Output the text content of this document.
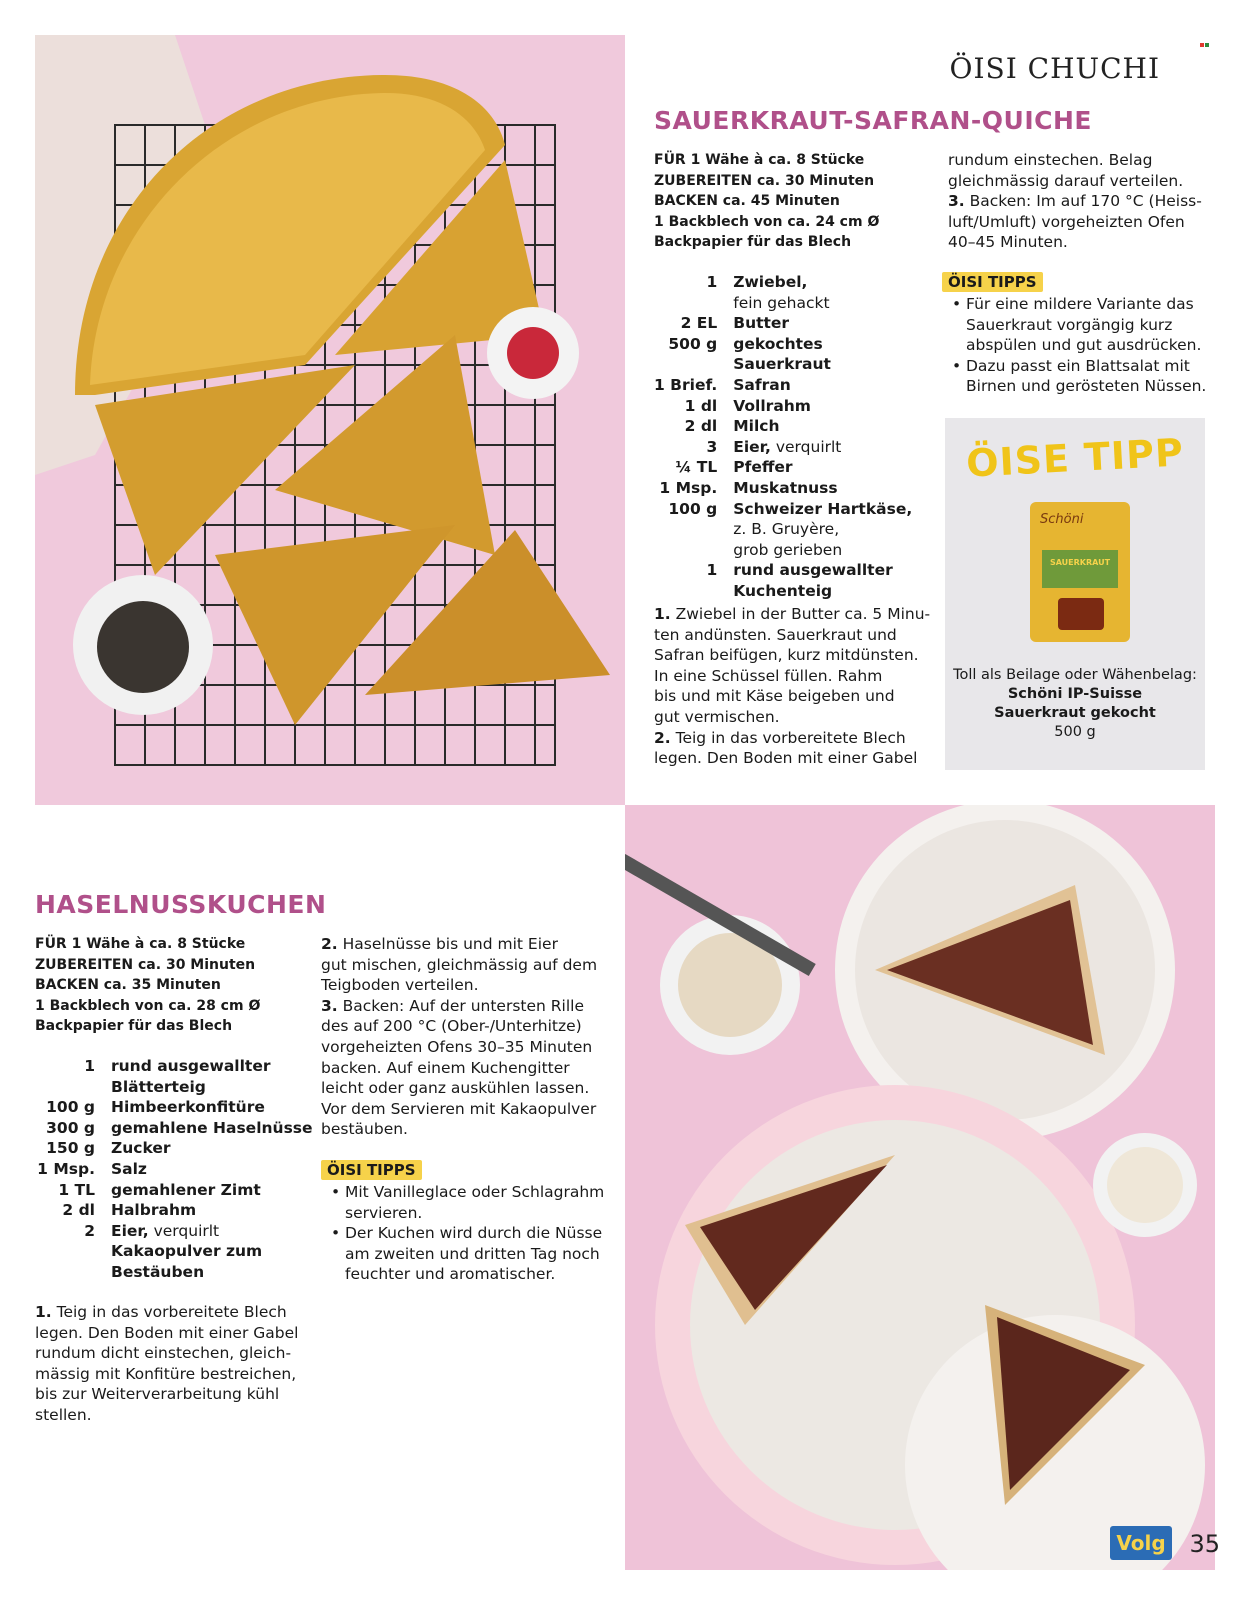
ÖISI CHUCHI
SAUERKRAUT-SAFRAN-QUICHE
FÜR 1 Wähe à ca. 8 Stücke
ZUBEREITEN ca. 30 Minuten
BACKEN ca. 45 Minuten
1 Backblech von ca. 24 cm Ø
Backpapier für das Blech
1	Zwiebel,
	fein gehackt
2 EL	Butter
500 g	gekochtes Sauerkraut
1 Brief.	Safran
1 dl	Vollrahm
2 dl	Milch
3	Eier, verquirlt
¼ TL	Pfeffer
1 Msp.	Muskatnuss
100 g	Schweizer Hartkäse,
	z. B. Gruyère,
	grob gerieben
1	rund ausgewallter
	Kuchenteig

1. Zwiebel in der Butter ca. 5 Minu-

ten andünsten. Sauerkraut und

Safran beifügen, kurz mitdünsten.

In eine Schüssel füllen. Rahm

bis und mit Käse beigeben und

gut vermischen.

2. Teig in das vorbereitete Blech

legen. Den Boden mit einer Gabel

rundum einstechen. Belag

gleichmässig darauf verteilen.

3. Backen: Im auf 170 °C (Heiss-

luft/Umluft) vorgeheizten Ofen

40–45 Minuten.

ÖISI TIPPS
• Für eine mildere Variante das Sauerkraut vorgängig kurz abspülen und gut ausdrücken.
• Dazu passt ein Blattsalat mit Birnen und gerösteten Nüssen.
ÖISE TIPP
Schöni
SAUERKRAUT
Toll als Beilage oder Wähenbelag:
Schöni IP-Suisse
Sauerkraut gekocht
500 g
HASELNUSSKUCHEN
FÜR 1 Wähe à ca. 8 Stücke
ZUBEREITEN ca. 30 Minuten
BACKEN ca. 35 Minuten
1 Backblech von ca. 28 cm Ø
Backpapier für das Blech
1	rund ausgewallter
	Blätterteig
100 g	Himbeerkonfitüre
300 g	gemahlene Haselnüsse
150 g	Zucker
1 Msp.	Salz
1 TL	gemahlener Zimt
2 dl	Halbrahm
2	Eier, verquirlt
	Kakaopulver zum
	Bestäuben

1. Teig in das vorbereitete Blech

legen. Den Boden mit einer Gabel

rundum dicht einstechen, gleich-

mässig mit Konfitüre bestreichen,

bis zur Weiterverarbeitung kühl

stellen.

2. Haselnüsse bis und mit Eier

gut mischen, gleichmässig auf dem

Teigboden verteilen.

3. Backen: Auf der untersten Rille

des auf 200 °C (Ober-/Unterhitze)

vorgeheizten Ofens 30–35 Minuten

backen. Auf einem Kuchengitter

leicht oder ganz auskühlen lassen.

Vor dem Servieren mit Kakaopulver

bestäuben.

ÖISI TIPPS
• Mit Vanilleglace oder Schlagrahm servieren.
• Der Kuchen wird durch die Nüsse am zweiten und dritten Tag noch feuchter und aromatischer.
Volg 35
